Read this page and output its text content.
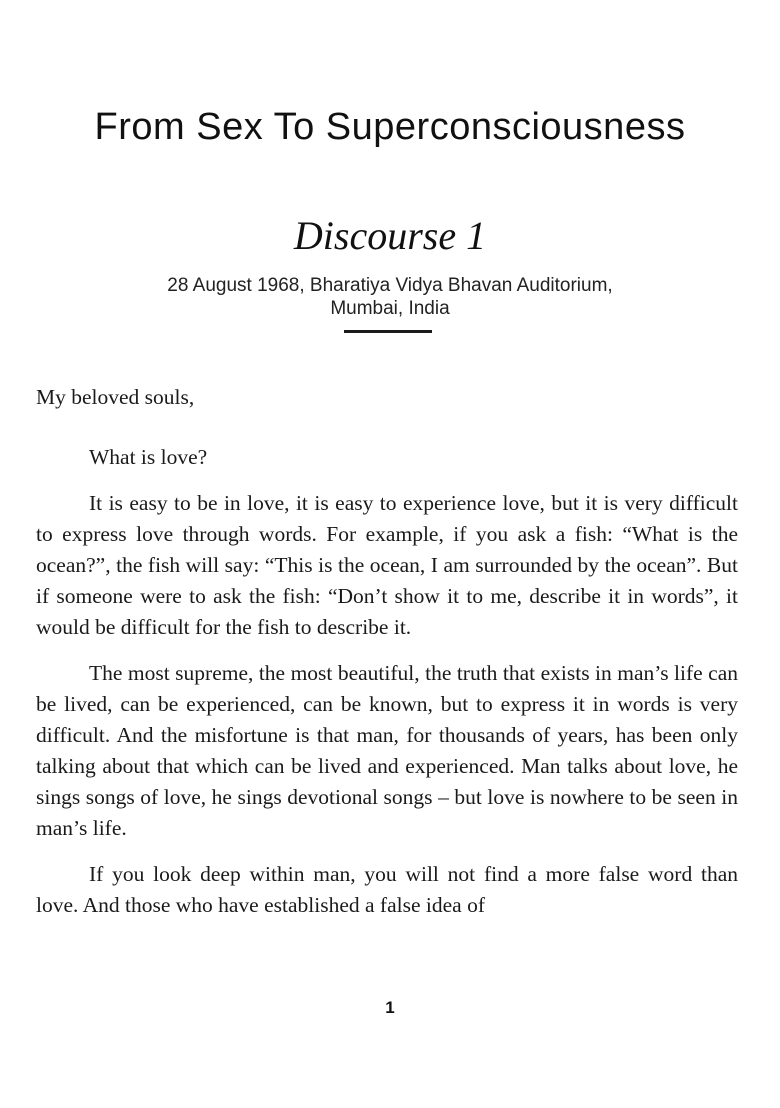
From Sex To Superconsciousness
Discourse 1
28 August 1968, Bharatiya Vidya Bhavan Auditorium,
Mumbai, India

My beloved souls,

What is love?

It is easy to be in love, it is easy to experience love, but it is very difficult to express love through words. For example, if you ask a fish: “What is the ocean?”, the fish will say: “This is the ocean, I am surrounded by the ocean”. But if someone were to ask the fish: “Don’t show it to me, describe it in words”, it would be difficult for the fish to describe it.

The most supreme, the most beautiful, the truth that exists in man’s life can be lived, can be experienced, can be known, but to express it in words is very difficult. And the misfortune is that man, for thousands of years, has been only talking about that which can be lived and experienced. Man talks about love, he sings songs of love, he sings devotional songs – but love is nowhere to be seen in man’s life.

If you look deep within man, you will not find a more false word than love. And those who have established a false idea of

1
